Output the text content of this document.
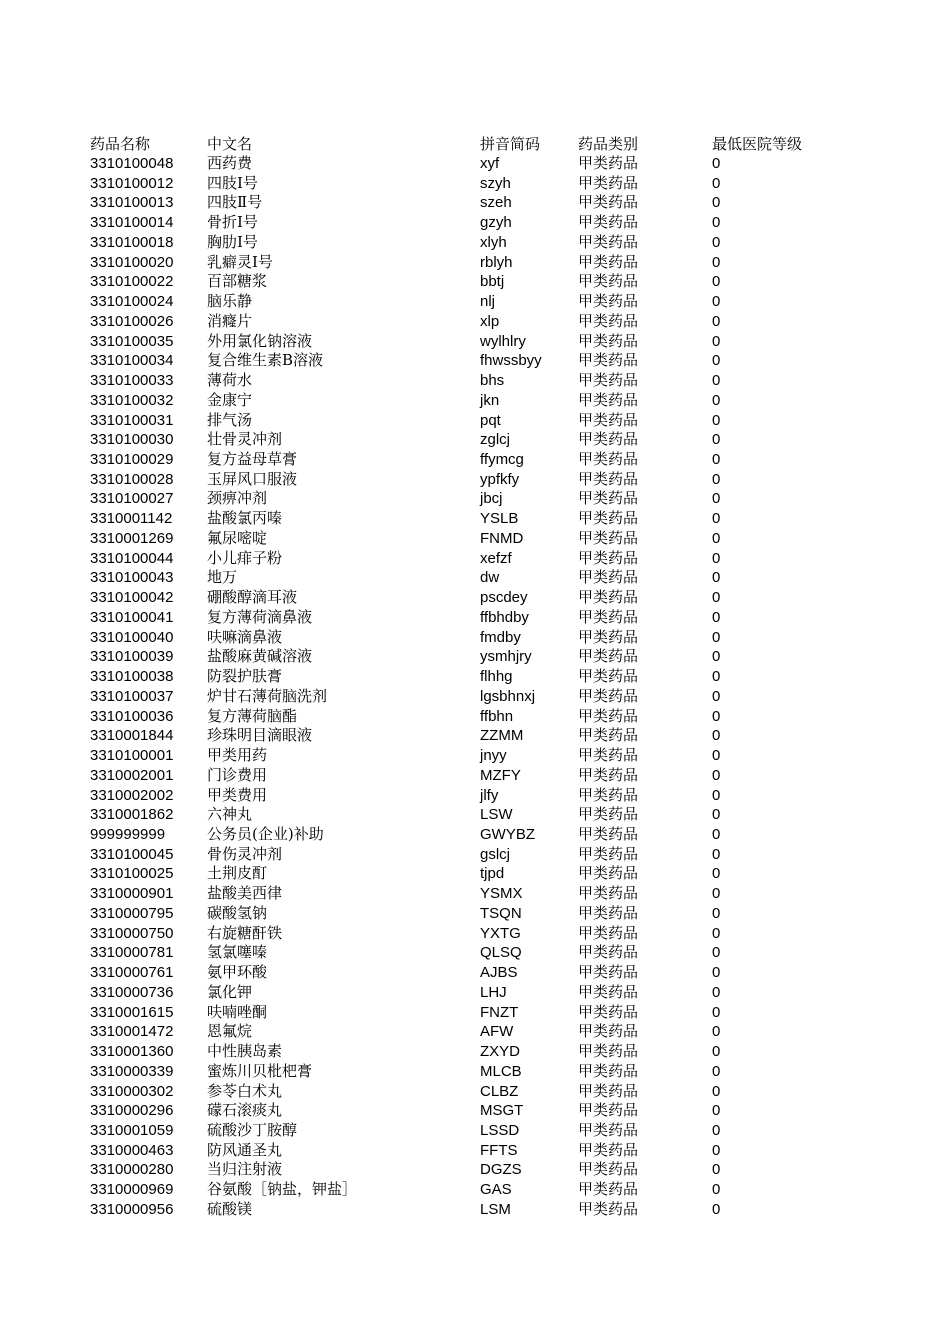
药品名称	中文名	拼音简码	药品类别	最低医院等级
3310100048	西药费	xyf	甲类药品	0
3310100012	四肢Ⅰ号	szyh	甲类药品	0
3310100013	四肢Ⅱ号	szeh	甲类药品	0
3310100014	骨折Ⅰ号	gzyh	甲类药品	0
3310100018	胸肋Ⅰ号	xlyh	甲类药品	0
3310100020	乳癖灵Ⅰ号	rblyh	甲类药品	0
3310100022	百部糖浆	bbtj	甲类药品	0
3310100024	脑乐静	nlj	甲类药品	0
3310100026	消癃片	xlp	甲类药品	0
3310100035	外用氯化钠溶液	wylhlry	甲类药品	0
3310100034	复合维生素B溶液	fhwssbyy	甲类药品	0
3310100033	薄荷水	bhs	甲类药品	0
3310100032	金康宁	jkn	甲类药品	0
3310100031	排气汤	pqt	甲类药品	0
3310100030	壮骨灵冲剂	zglcj	甲类药品	0
3310100029	复方益母草膏	ffymcg	甲类药品	0
3310100028	玉屏风口服液	ypfkfy	甲类药品	0
3310100027	颈痹冲剂	jbcj	甲类药品	0
3310001142	盐酸氯丙嗪	YSLB	甲类药品	0
3310001269	氟尿嘧啶	FNMD	甲类药品	0
3310100044	小儿痱子粉	xefzf	甲类药品	0
3310100043	地万	dw	甲类药品	0
3310100042	硼酸醇滴耳液	pscdey	甲类药品	0
3310100041	复方薄荷滴鼻液	ffbhdby	甲类药品	0
3310100040	呋嘛滴鼻液	fmdby	甲类药品	0
3310100039	盐酸麻黄碱溶液	ysmhjry	甲类药品	0
3310100038	防裂护肤膏	flhhg	甲类药品	0
3310100037	炉甘石薄荷脑洗剂	lgsbhnxj	甲类药品	0
3310100036	复方薄荷脑酯	ffbhn	甲类药品	0
3310001844	珍珠明目滴眼液	ZZMM	甲类药品	0
3310100001	甲类用药	jnyy	甲类药品	0
3310002001	门诊费用	MZFY	甲类药品	0
3310002002	甲类费用	jlfy	甲类药品	0
3310001862	六神丸	LSW	甲类药品	0
999999999	公务员(企业)补助	GWYBZ	甲类药品	0
3310100045	骨伤灵冲剂	gslcj	甲类药品	0
3310100025	土荆皮酊	tjpd	甲类药品	0
3310000901	盐酸美西律	YSMX	甲类药品	0
3310000795	碳酸氢钠	TSQN	甲类药品	0
3310000750	右旋糖酐铁	YXTG	甲类药品	0
3310000781	氢氯噻嗪	QLSQ	甲类药品	0
3310000761	氨甲环酸	AJBS	甲类药品	0
3310000736	氯化钾	LHJ	甲类药品	0
3310001615	呋喃唑酮	FNZT	甲类药品	0
3310001472	恩氟烷	AFW	甲类药品	0
3310001360	中性胰岛素	ZXYD	甲类药品	0
3310000339	蜜炼川贝枇杷膏	MLCB	甲类药品	0
3310000302	参苓白术丸	CLBZ	甲类药品	0
3310000296	礞石滚痰丸	MSGT	甲类药品	0
3310001059	硫酸沙丁胺醇	LSSD	甲类药品	0
3310000463	防风通圣丸	FFTS	甲类药品	0
3310000280	当归注射液	DGZS	甲类药品	0
3310000969	谷氨酸［钠盐，钾盐］	GAS	甲类药品	0
3310000956	硫酸镁	LSM	甲类药品	0
